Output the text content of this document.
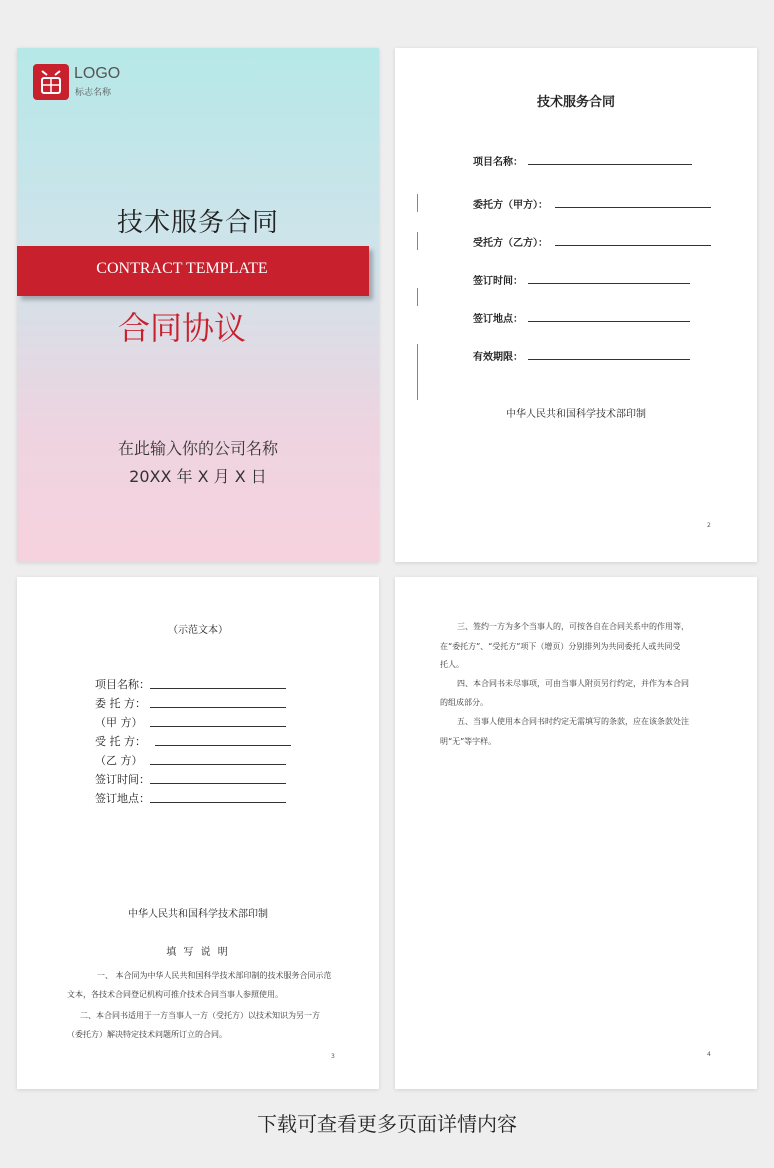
LOGO
标志名称
技术服务合同
CONTRACT TEMPLATE
合同协议
在此输入你的公司名称
20XX 年 X 月 X 日
技术服务合同
项目名称：
委托方（甲方）：
受托方（乙方）：
签订时间：
签订地点：
有效期限：
中华人民共和国科学技术部印制
2
（示范文本）
项目名称：
委 托 方：
（甲 方）
受 托 方：
（乙 方）
签订时间：
签订地点：
中华人民共和国科学技术部印制
填 写 说 明
一、 本合同为中华人民共和国科学技术部印制的技术服务合同示范
文本，各技术合同登记机构可推介技术合同当事人参照使用。
二、本合同书适用于一方当事人一方（受托方）以技术知识为另一方
（委托方）解决特定技术问题所订立的合同。
3
三、签约一方为多个当事人的，可按各自在合同关系中的作用等，
在“委托方”、“受托方”项下（增页）分别排列为共同委托人或共同受
托人。
四、本合同书未尽事项，可由当事人附页另行约定，并作为本合同
的组成部分。
五、当事人使用本合同书时约定无需填写的条款，应在该条款处注
明“无”等字样。
4
下载可查看更多页面详情内容
